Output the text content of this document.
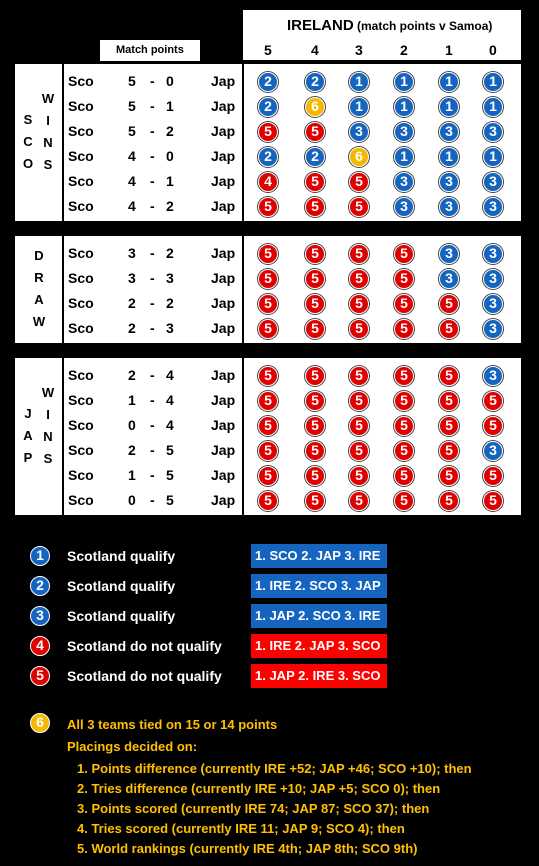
IRELAND (match points v Samoa)
5	4	3	2	1	0
Match points
S
C
O
W
I
N
S
Sco 5 - 0	Jap	2	2	1	1	1	1
Sco 5 - 1	Jap	2	6	1	1	1	1
Sco 5 - 2	Jap	5	5	3	3	3	3
Sco 4 - 0	Jap	2	2	6	1	1	1
Sco 4 - 1	Jap	4	5	5	3	3	3
Sco 4 - 2	Jap	5	5	5	3	3	3
D
R
A
W
Sco 3 - 2	Jap	5	5	5	5	3	3
Sco 3 - 3	Jap	5	5	5	5	3	3
Sco 2 - 2	Jap	5	5	5	5	5	3
Sco 2 - 3	Jap	5	5	5	5	5	3
J
A
P
W
I
N
S
Sco 2 - 4	Jap	5	5	5	5	5	3
Sco 1 - 4	Jap	5	5	5	5	5	5
Sco 0 - 4	Jap	5	5	5	5	5	5
Sco 2 - 5	Jap	5	5	5	5	5	3
Sco 1 - 5	Jap	5	5	5	5	5	5
Sco 0 - 5	Jap	5	5	5	5	5	5
1	Scotland qualify	1. SCO 2. JAP 3. IRE
2	Scotland qualify	1. IRE 2. SCO 3. JAP
3	Scotland qualify	1. JAP 2. SCO 3. IRE
4	Scotland do not qualify	1. IRE 2. JAP 3. SCO
5	Scotland do not qualify	1. JAP 2. IRE 3. SCO
6	All 3 teams tied on 15 or 14 points
Placings decided on:
1. Points difference (currently IRE +52; JAP +46; SCO +10); then
2. Tries difference (currently IRE +10; JAP +5; SCO 0); then
3. Points scored (currently IRE 74; JAP 87; SCO 37); then
4. Tries scored (currently IRE 11; JAP 9; SCO 4); then
5. World rankings (currently IRE 4th; JAP 8th; SCO 9th)
